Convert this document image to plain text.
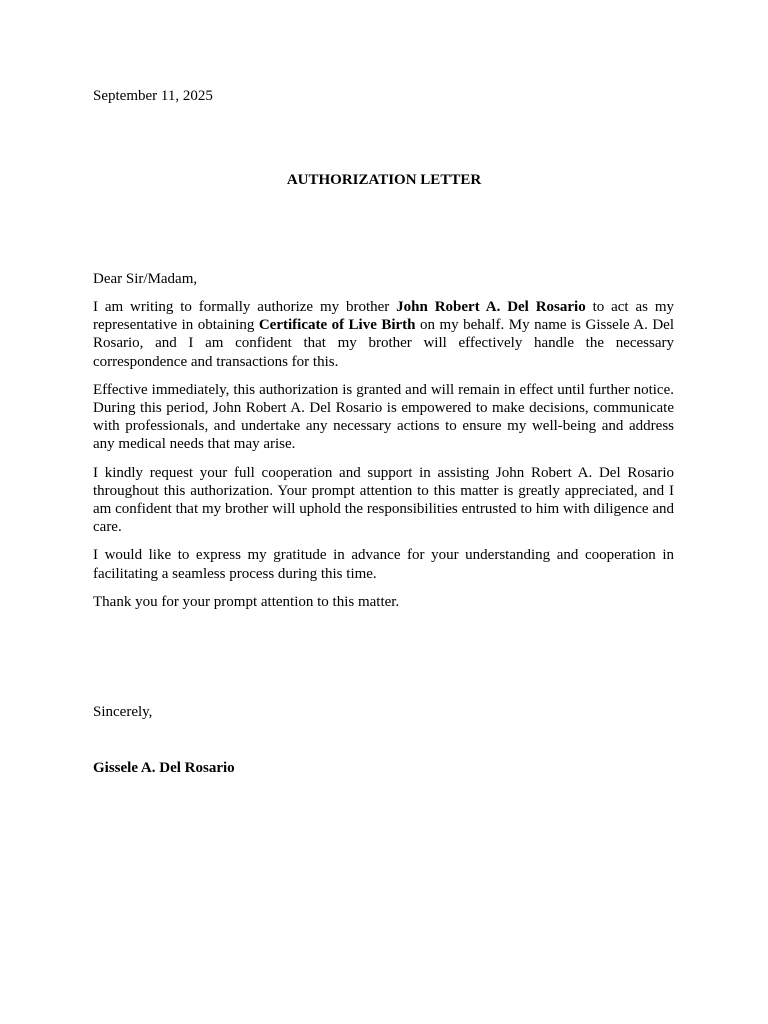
September 11, 2025
AUTHORIZATION LETTER
Dear Sir/Madam,

I am writing to formally authorize my brother John Robert A. Del Rosario to act as my representative in obtaining Certificate of Live Birth on my behalf. My name is Gissele A. Del Rosario, and I am confident that my brother will effectively handle the necessary correspondence and transactions for this.

Effective immediately, this authorization is granted and will remain in effect until further notice. During this period, John Robert A. Del Rosario is empowered to make decisions, communicate with professionals, and undertake any necessary actions to ensure my well-being and address any medical needs that may arise.

I kindly request your full cooperation and support in assisting John Robert A. Del Rosario throughout this authorization. Your prompt attention to this matter is greatly appreciated, and I am confident that my brother will uphold the responsibilities entrusted to him with diligence and care.

I would like to express my gratitude in advance for your understanding and cooperation in facilitating a seamless process during this time.

Thank you for your prompt attention to this matter.

Sincerely,
Gissele A. Del Rosario
